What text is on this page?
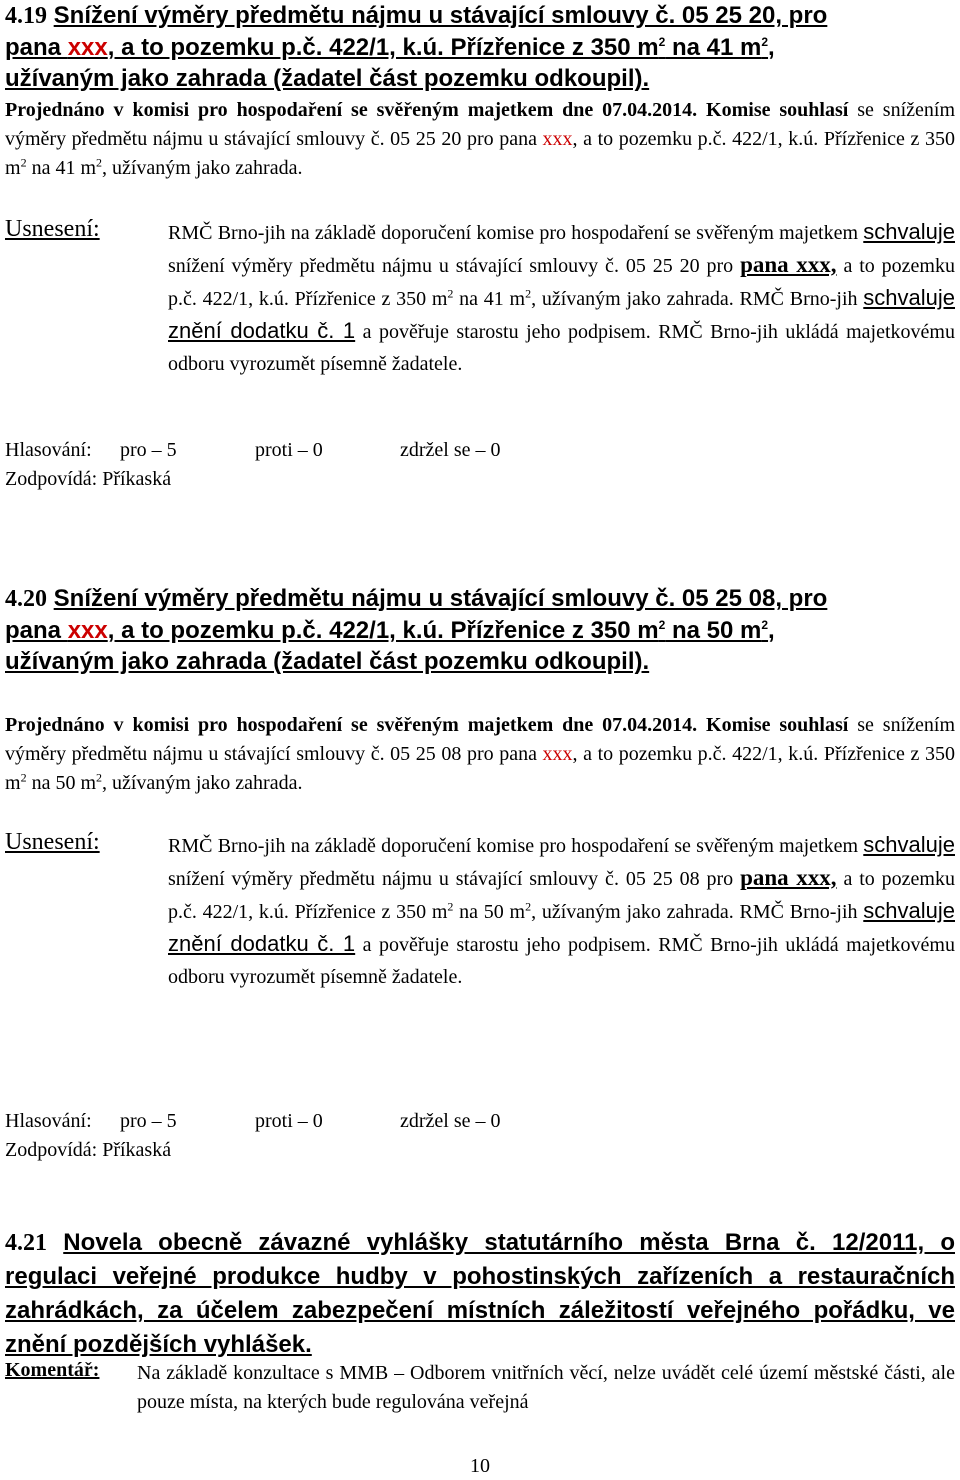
4.19 Snížení výměry předmětu nájmu u stávající smlouvy č. 05 25 20, pro
pana xxx, a to pozemku p.č. 422/1, k.ú. Přízřenice z 350 $m^2$ na 41 $m^2$,
užívaným jako zahrada (žadatel část pozemku odkoupil).
Projednáno v komisi pro hospodaření se svěřeným majetkem dne 07.04.2014. Komise souhlasí se snížením výměry předmětu nájmu u stávající smlouvy č. 05 25 20 pro pana xxx, a to pozemku p.č. 422/1, k.ú. Přízřenice z 350 $m^2$ na 41 $m^2$, užívaným jako zahrada.
Usnesení:	RMČ Brno-jih na základě doporučení komise pro hospodaření se svěřeným majetkem schvaluje snížení výměry předmětu nájmu u stávající smlouvy č. 05 25 20 pro pana xxx, a to pozemku p.č. 422/1, k.ú. Přízřenice z 350 $m^2$ na 41 $m^2$, užívaným jako zahrada. RMČ Brno-jih schvaluje znění dodatku č. 1 a pověřuje starostu jeho podpisem. RMČ Brno-jih ukládá majetkovému odboru vyrozumět písemně žadatele.
Hlasování: pro – 5	proti – 0	zdržel se – 0
Zodpovídá: Příkaská
4.20 Snížení výměry předmětu nájmu u stávající smlouvy č. 05 25 08, pro
pana xxx, a to pozemku p.č. 422/1, k.ú. Přízřenice z 350 $m^2$ na 50 $m^2$,
užívaným jako zahrada (žadatel část pozemku odkoupil).
Projednáno v komisi pro hospodaření se svěřeným majetkem dne 07.04.2014. Komise souhlasí se snížením výměry předmětu nájmu u stávající smlouvy č. 05 25 08 pro pana xxx, a to pozemku p.č. 422/1, k.ú. Přízřenice z 350 $m^2$ na 50 $m^2$, užívaným jako zahrada.
Usnesení:	RMČ Brno-jih na základě doporučení komise pro hospodaření se svěřeným majetkem schvaluje snížení výměry předmětu nájmu u stávající smlouvy č. 05 25 08 pro pana xxx, a to pozemku p.č. 422/1, k.ú. Přízřenice z 350 $m^2$ na 50 $m^2$, užívaným jako zahrada. RMČ Brno-jih schvaluje znění dodatku č. 1 a pověřuje starostu jeho podpisem. RMČ Brno-jih ukládá majetkovému odboru vyrozumět písemně žadatele.
Hlasování: pro – 5	proti – 0	zdržel se – 0
Zodpovídá: Příkaská
4.21 Novela obecně závazné vyhlášky statutárního města Brna č. 12/2011, o regulaci veřejné produkce hudby v pohostinských zařízeních a restauračních zahrádkách, za účelem zabezpečení místních záležitostí veřejného pořádku, ve znění pozdějších vyhlášek.
Komentář: Na základě konzultace s MMB – Odborem vnitřních věcí, nelze uvádět celé území městské části, ale pouze místa, na kterých bude regulována veřejná
10
